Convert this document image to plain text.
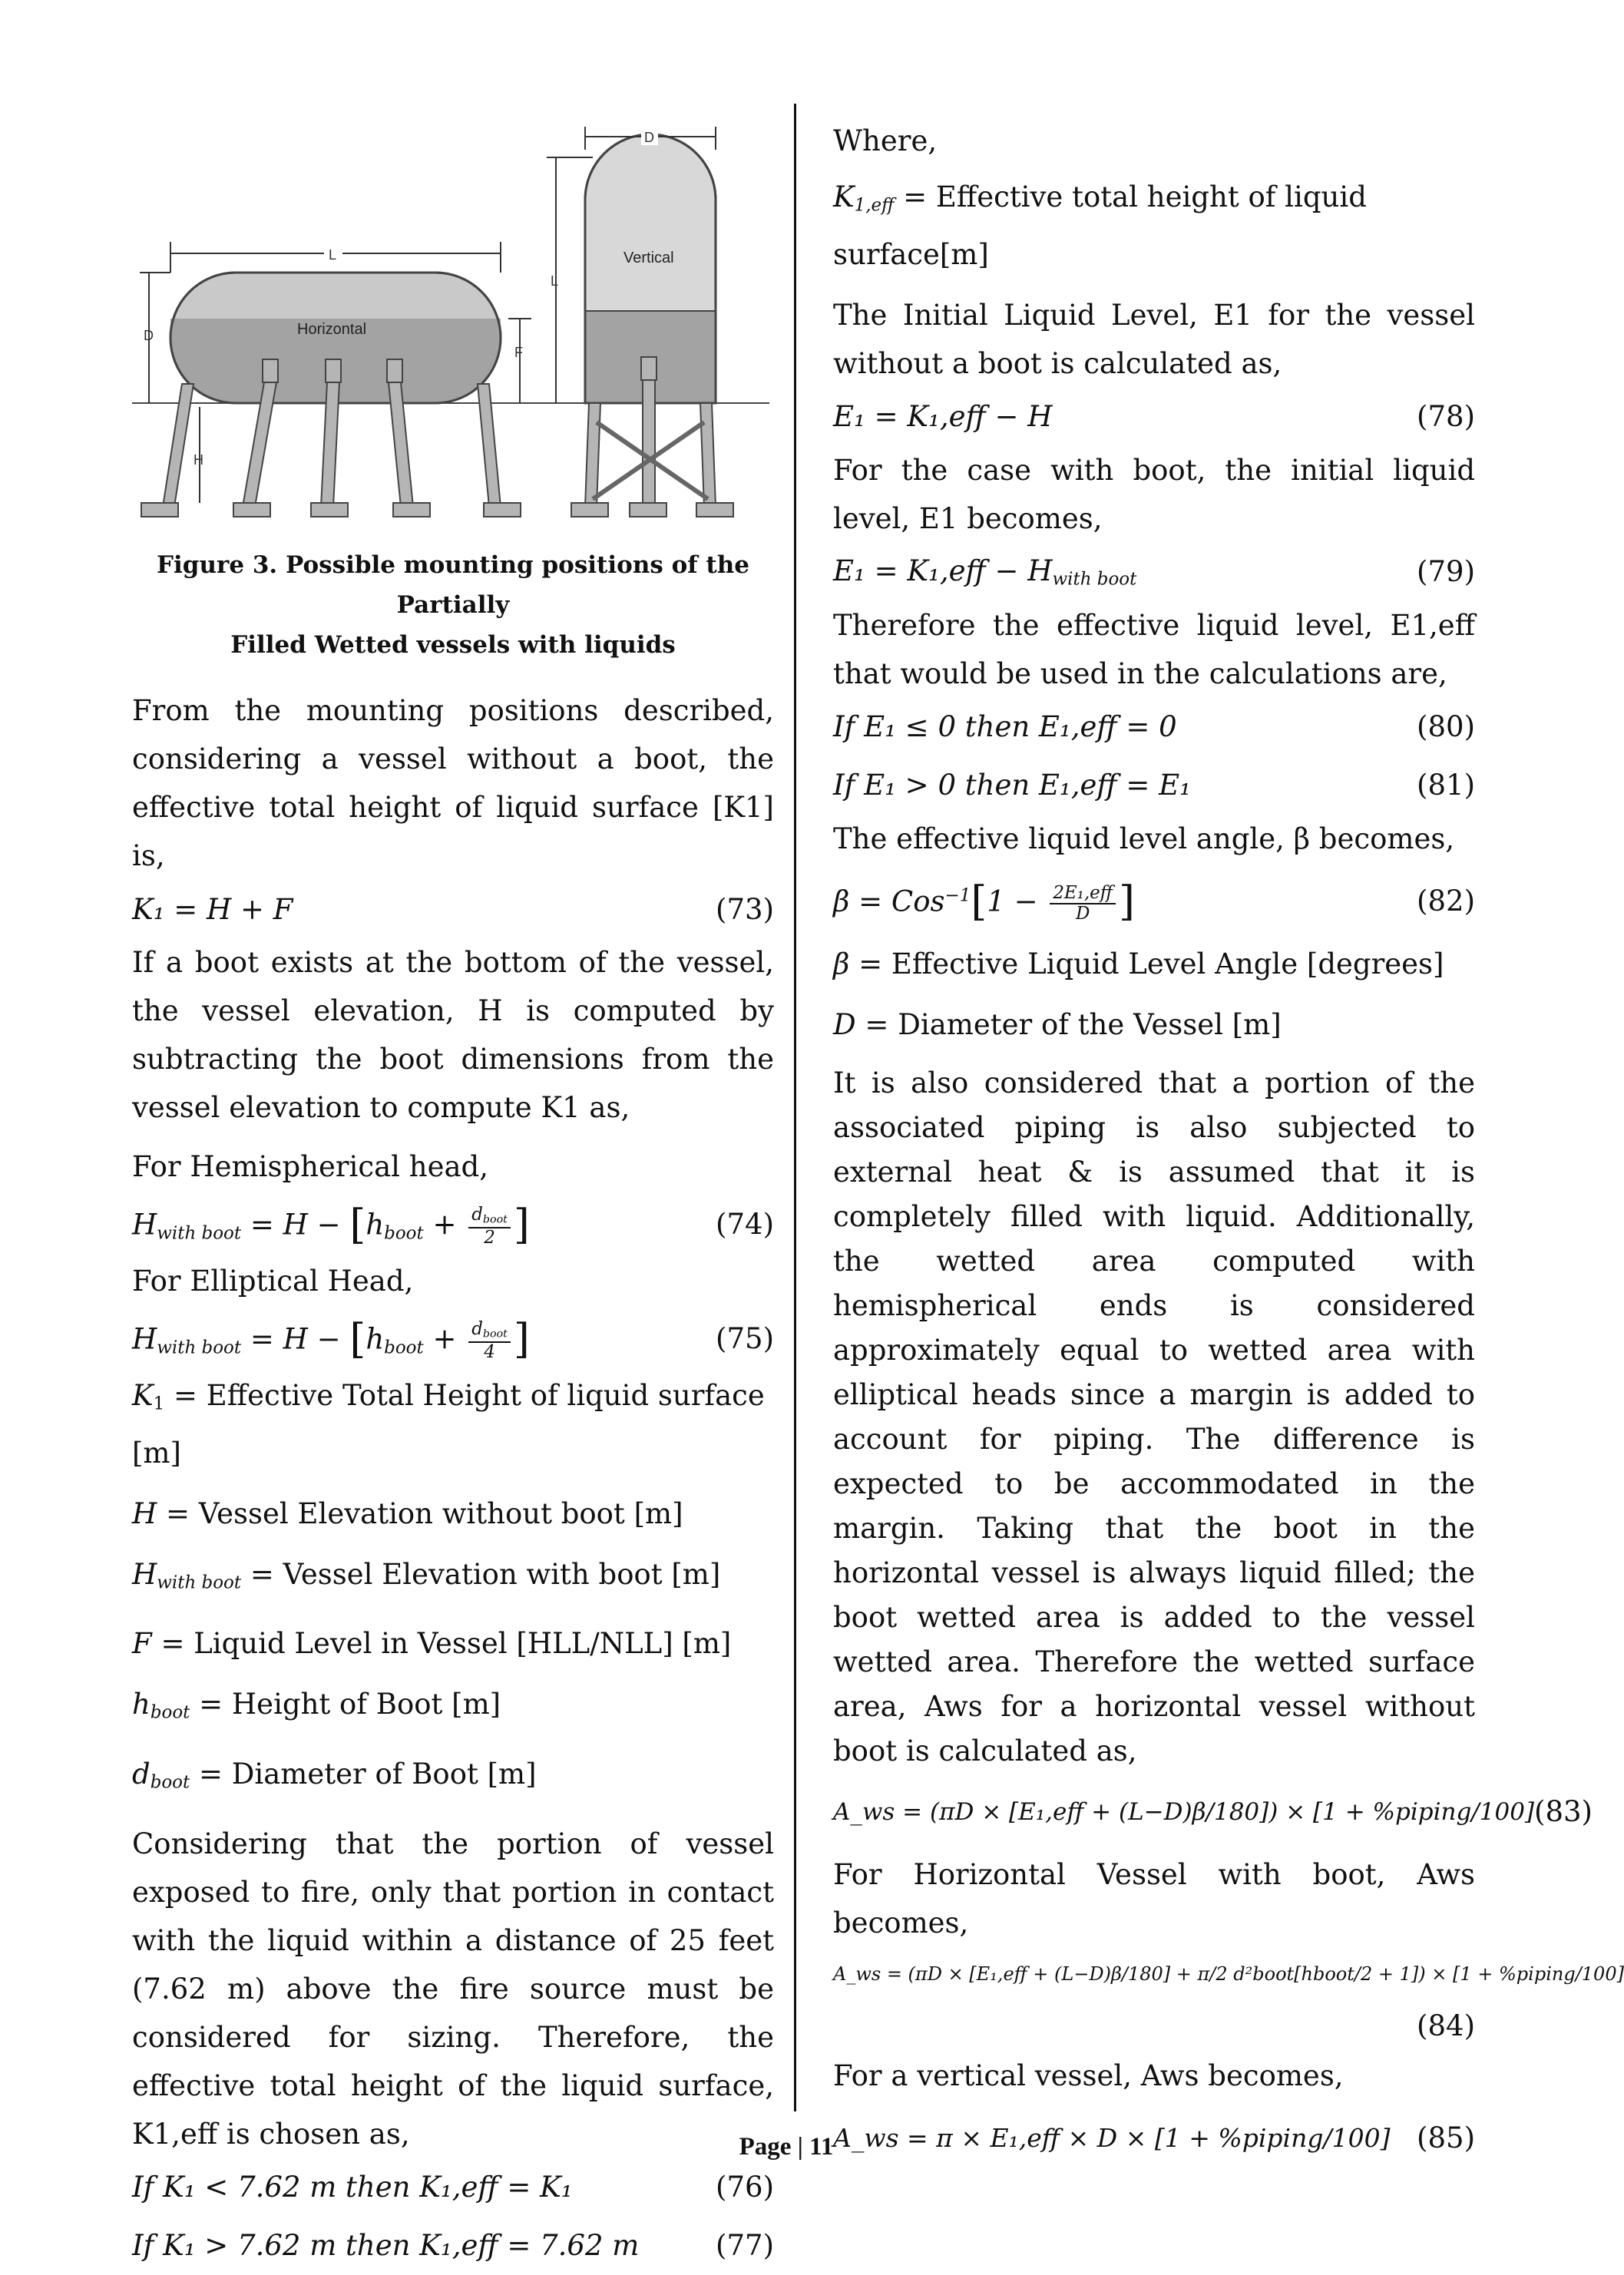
Horizontal
L
D
H
F
L
Vertical
D
Figure 3. Possible mounting positions of the Partially
Filled Wetted vessels with liquids

From the mounting positions described, considering a vessel without a boot, the effective total height of liquid surface [K1] is,

K₁ = H + F	(73)

If a boot exists at the bottom of the vessel, the vessel elevation, H is computed by subtracting the boot dimensions from the vessel elevation to compute K1 as,

For Hemispherical head,

$H_{with boot} = H - [h_{boot} + \frac{d_{boot}}{2}$ ]	(74)

For Elliptical Head,

$H_{with boot} = H - [h_{boot} + \frac{d_{boot}}{4}$ ]	(75)
$K_1$ = Effective Total Height of liquid surface [m]
H = Vessel Elevation without boot [m]
$H_{with boot}$ = Vessel Elevation with boot [m]
F = Liquid Level in Vessel [HLL/NLL] [m]
$h_{boot}$ = Height of Boot [m]
$d_{boot}$ = Diameter of Boot [m]

Considering that the portion of vessel exposed to fire, only that portion in contact with the liquid within a distance of 25 feet (7.62 m) above the fire source must be considered for sizing. Therefore, the effective total height of the liquid surface, K1,eff is chosen as,

If K₁ < 7.62 m then K₁,eff = K₁	(76)
If K₁ > 7.62 m then K₁,eff = 7.62 m	(77)

Where,

$K_{1,eff}$ = Effective total height of liquid surface[m]

The Initial Liquid Level, E1 for the vessel without a boot is calculated as,

E₁ = K₁,eff − H	(78)

For the case with boot, the initial liquid level, E1 becomes,

$E_1 = K_1,eff - H_{with boot}$	(79)

Therefore the effective liquid level, E1,eff that would be used in the calculations are,

If E₁ ≤ 0 then E₁,eff = 0	(80)
If E₁ > 0 then E₁,eff = E₁	(81)

The effective liquid level angle, β becomes,

$\beta = Cos^{-1}[1 - \frac{\text{2E₁,eff}}{D}$ ]	(82)
β = Effective Liquid Level Angle [degrees]
D = Diameter of the Vessel [m]

It is also considered that a portion of the associated piping is also subjected to external heat & is assumed that it is completely filled with liquid. Additionally, the wetted area computed with hemispherical ends is considered approximately equal to wetted area with elliptical heads since a margin is added to account for piping. The difference is expected to be accommodated in the margin. Taking that the boot in the horizontal vessel is always liquid filled; the boot wetted area is added to the vessel wetted area. Therefore the wetted surface area, Aws for a horizontal vessel without boot is calculated as,

A_ws = (πD × [E₁,eff + (L−D)β/180]) × [1 + %piping/100] (83)

For Horizontal Vessel with boot, Aws becomes,

A_ws = (πD × [E₁,eff + (L−D)β/180] + π/2 d²boot[hboot/2 + 1]) × [1 + %piping/100]
(84)

For a vertical vessel, Aws becomes,

A_ws = π × E₁,eff × D × [1 + %piping/100] (85)
Page | 11
